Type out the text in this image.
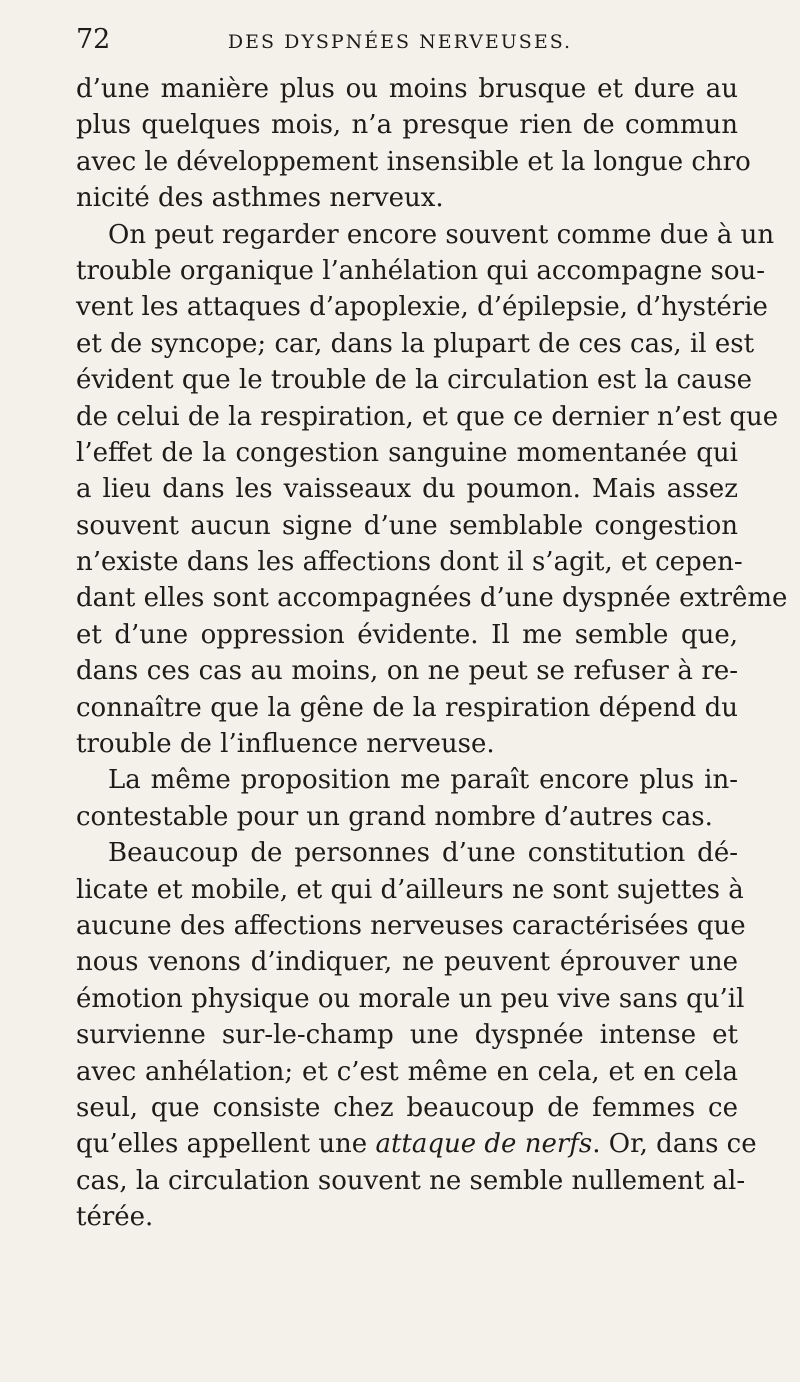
72	DES DYSPNÉES NERVEUSES.
d’une manière plus ou moins brusque et dure au
plus quelques mois, n’a presque rien de commun
avec le développement insensible et la longue chro
nicité des asthmes nerveux.
On peut regarder encore souvent comme due à un
trouble organique l’anhélation qui accompagne sou-
vent les attaques d’apoplexie, d’épilepsie, d’hystérie
et de syncope; car, dans la plupart de ces cas, il est
évident que le trouble de la circulation est la cause
de celui de la respiration, et que ce dernier n’est que
l’effet de la congestion sanguine momentanée qui
a lieu dans les vaisseaux du poumon. Mais assez
souvent aucun signe d’une semblable congestion
n’existe dans les affections dont il s’agit, et cepen-
dant elles sont accompagnées d’une dyspnée extrême
et d’une oppression évidente. Il me semble que,
dans ces cas au moins, on ne peut se refuser à re-
connaître que la gêne de la respiration dépend du
trouble de l’influence nerveuse.
La même proposition me paraît encore plus in-
contestable pour un grand nombre d’autres cas.
Beaucoup de personnes d’une constitution dé-
licate et mobile, et qui d’ailleurs ne sont sujettes à
aucune des affections nerveuses caractérisées que
nous venons d’indiquer, ne peuvent éprouver une
émotion physique ou morale un peu vive sans qu’il
survienne sur-le-champ une dyspnée intense et
avec anhélation; et c’est même en cela, et en cela
seul, que consiste chez beaucoup de femmes ce
qu’elles appellent une attaque de nerfs. Or, dans ce
cas, la circulation souvent ne semble nullement al-
térée.
